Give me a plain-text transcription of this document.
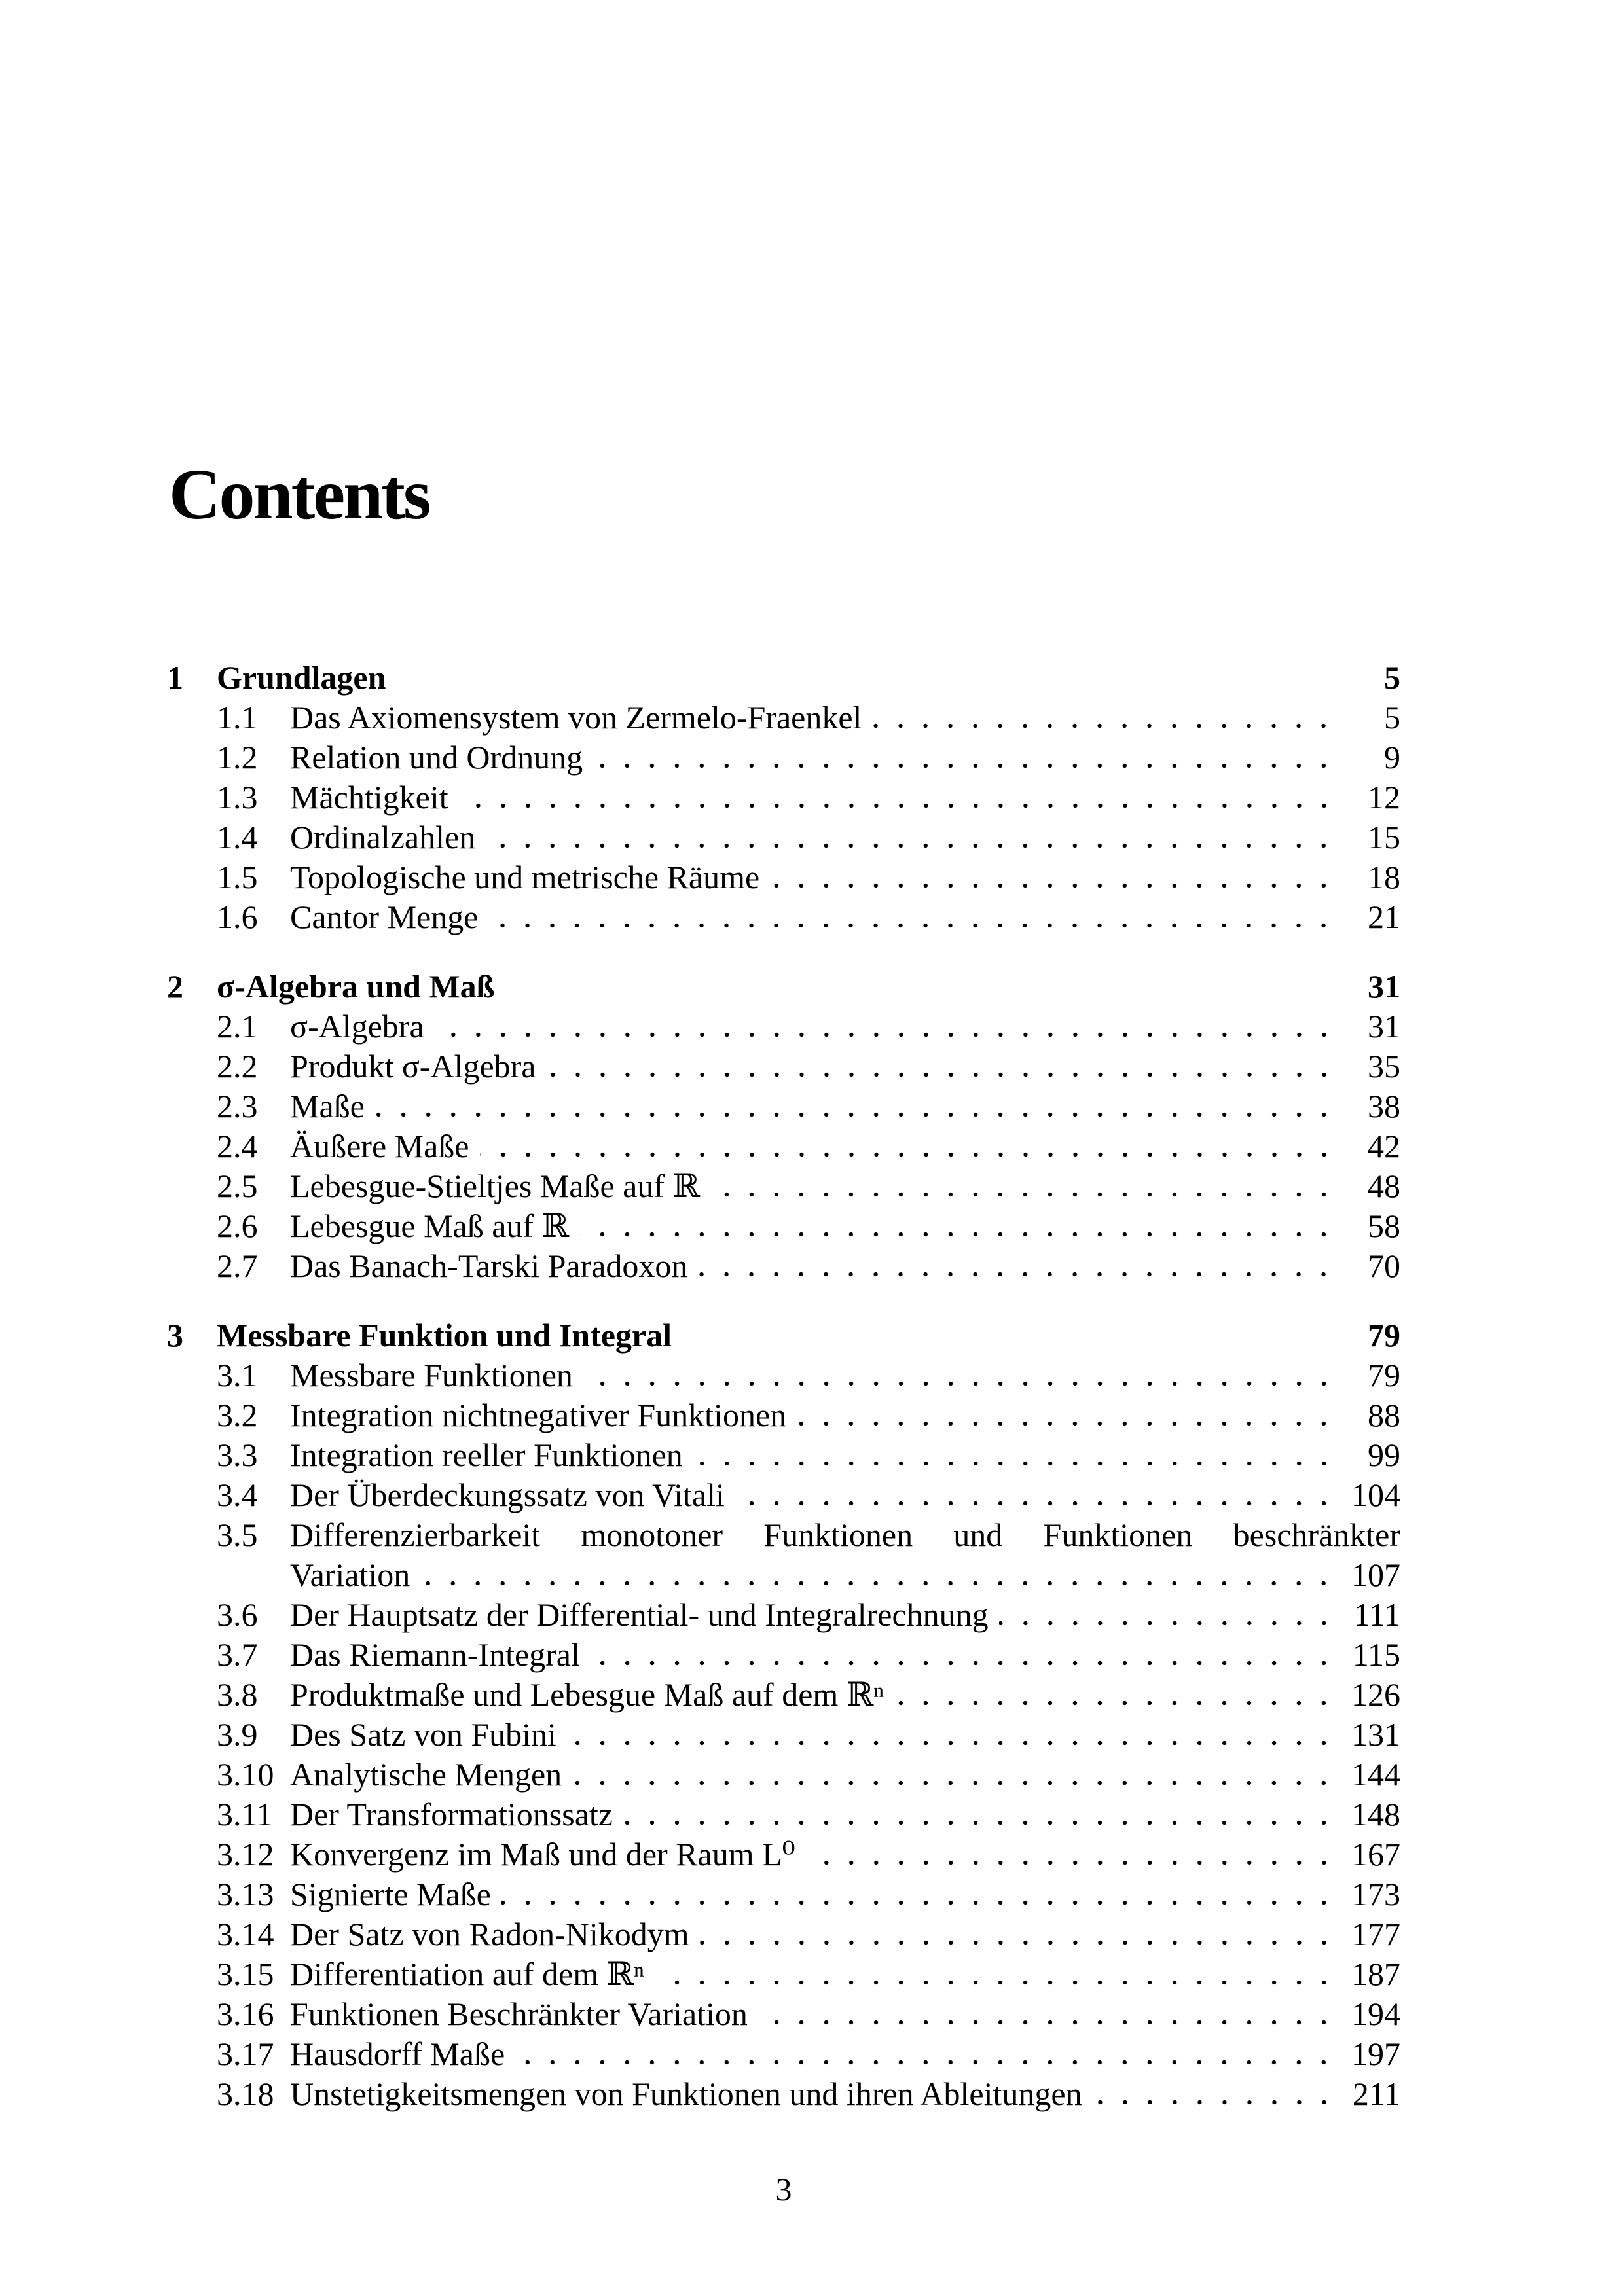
Contents
1	Grundlagen	5
1.1 Das Axiomensystem von Zermelo-Fraenkel	5
1.2 Relation und Ordnung	9
1.3 Mächtigkeit	12
1.4 Ordinalzahlen	15
1.5 Topologische und metrische Räume	18
1.6 Cantor Menge	21
2	σ-Algebra und Maß	31
2.1 σ-Algebra	31
2.2 Produkt σ-Algebra	35
2.3 Maße	38
2.4 Äußere Maße	42
2.5 Lebesgue-Stieltjes Maße auf ℝ	48
2.6 Lebesgue Maß auf ℝ	58
2.7 Das Banach-Tarski Paradoxon	70
3	Messbare Funktion und Integral	79
3.1 Messbare Funktionen	79
3.2 Integration nichtnegativer Funktionen	88
3.3 Integration reeller Funktionen	99
3.4 Der Überdeckungssatz von Vitali	104
3.5 Differenzierbarkeit monotoner Funktionen und Funktionen beschränkter
Variation	107
3.6 Der Hauptsatz der Differential- und Integralrechnung	111
3.7 Das Riemann-Integral	115
3.8 Produktmaße und Lebesgue Maß auf dem ℝⁿ	126
3.9 Des Satz von Fubini	131
3.10 Analytische Mengen	144
3.11 Der Transformationssatz	148
3.12 Konvergenz im Maß und der Raum L⁰	167
3.13 Signierte Maße	173
3.14 Der Satz von Radon-Nikodym	177
3.15 Differentiation auf dem ℝⁿ	187
3.16 Funktionen Beschränkter Variation	194
3.17 Hausdorff Maße	197
3.18 Unstetigkeitsmengen von Funktionen und ihren Ableitungen	211
3
